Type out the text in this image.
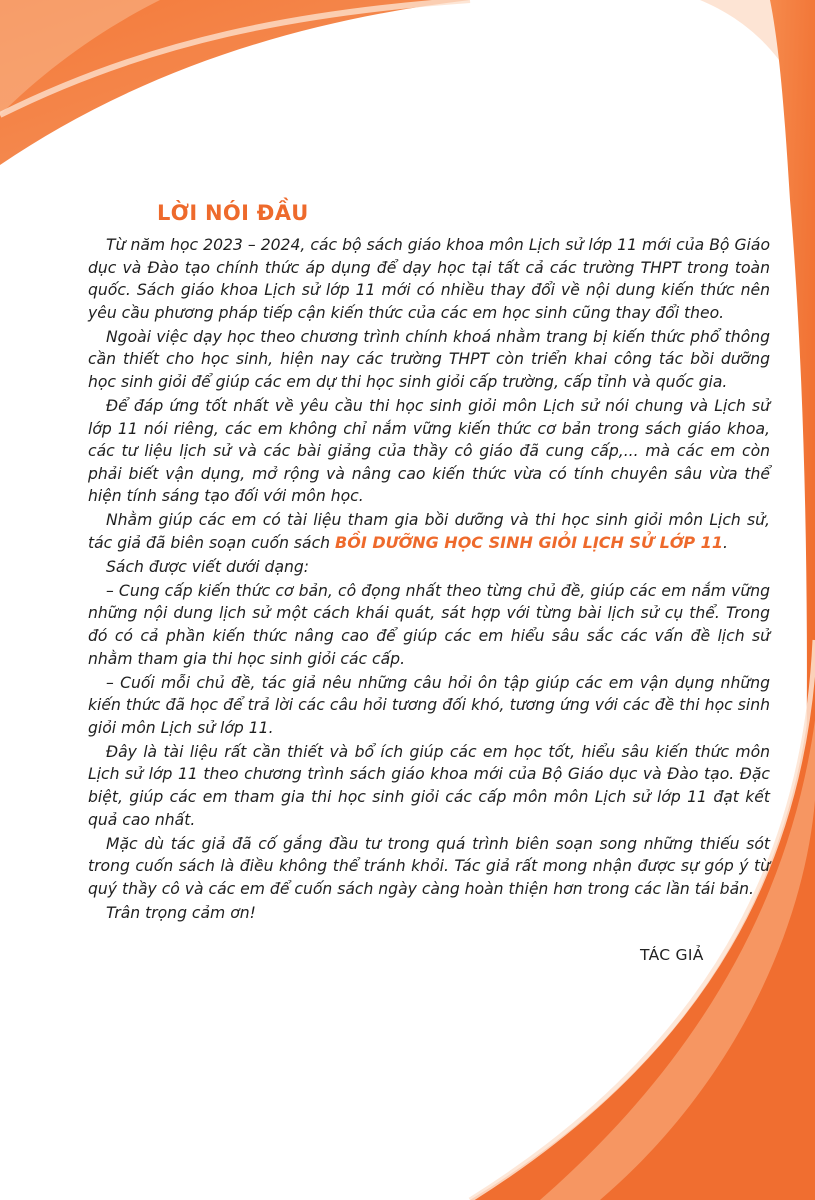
LỜI NÓI ĐẦU

Từ năm học 2023 – 2024, các bộ sách giáo khoa môn Lịch sử lớp 11 mới của Bộ Giáo dục và Đào tạo chính thức áp dụng để dạy học tại tất cả các trường THPT trong toàn quốc. Sách giáo khoa Lịch sử lớp 11 mới có nhiều thay đổi về nội dung kiến thức nên yêu cầu phương pháp tiếp cận kiến thức của các em học sinh cũng thay đổi theo.

Ngoài việc dạy học theo chương trình chính khoá nhằm trang bị kiến thức phổ thông cần thiết cho học sinh, hiện nay các trường THPT còn triển khai công tác bồi dưỡng học sinh giỏi để giúp các em dự thi học sinh giỏi cấp trường, cấp tỉnh và quốc gia.

Để đáp ứng tốt nhất về yêu cầu thi học sinh giỏi môn Lịch sử nói chung và Lịch sử lớp 11 nói riêng, các em không chỉ nắm vững kiến thức cơ bản trong sách giáo khoa, các tư liệu lịch sử và các bài giảng của thầy cô giáo đã cung cấp,... mà các em còn phải biết vận dụng, mở rộng và nâng cao kiến thức vừa có tính chuyên sâu vừa thể hiện tính sáng tạo đối với môn học.

Nhằm giúp các em có tài liệu tham gia bồi dưỡng và thi học sinh giỏi môn Lịch sử, tác giả đã biên soạn cuốn sách BỒI DƯỠNG HỌC SINH GIỎI LỊCH SỬ LỚP 11.

Sách được viết dưới dạng:

– Cung cấp kiến thức cơ bản, cô đọng nhất theo từng chủ đề, giúp các em nắm vững những nội dung lịch sử một cách khái quát, sát hợp với từng bài lịch sử cụ thể. Trong đó có cả phần kiến thức nâng cao để giúp các em hiểu sâu sắc các vấn đề lịch sử nhằm tham gia thi học sinh giỏi các cấp.

– Cuối mỗi chủ đề, tác giả nêu những câu hỏi ôn tập giúp các em vận dụng những kiến thức đã học để trả lời các câu hỏi tương đối khó, tương ứng với các đề thi học sinh giỏi môn Lịch sử lớp 11.

Đây là tài liệu rất cần thiết và bổ ích giúp các em học tốt, hiểu sâu kiến thức môn Lịch sử lớp 11 theo chương trình sách giáo khoa mới của Bộ Giáo dục và Đào tạo. Đặc biệt, giúp các em tham gia thi học sinh giỏi các cấp môn môn Lịch sử lớp 11 đạt kết quả cao nhất.

Mặc dù tác giả đã cố gắng đầu tư trong quá trình biên soạn song những thiếu sót trong cuốn sách là điều không thể tránh khỏi. Tác giả rất mong nhận được sự góp ý từ quý thầy cô và các em để cuốn sách ngày càng hoàn thiện hơn trong các lần tái bản.

Trân trọng cảm ơn!

TÁC GIẢ
